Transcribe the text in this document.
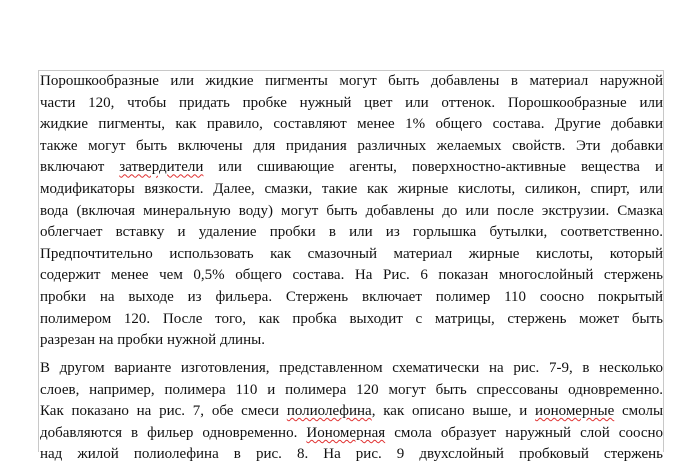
Порошкообразные или жидкие пигменты могут быть добавлены в материал наружной
части 120, чтобы придать пробке нужный цвет или оттенок. Порошкообразные или
жидкие пигменты, как правило, составляют менее 1% общего состава. Другие добавки
также могут быть включены для придания различных желаемых свойств. Эти добавки
включают затвердители или сшивающие агенты, поверхностно-активные вещества и
модификаторы вязкости. Далее, смазки, такие как жирные кислоты, силикон, спирт, или
вода (включая минеральную воду) могут быть добавлены до или после экструзии. Смазка
облегчает вставку и удаление пробки в или из горлышка бутылки, соответственно.
Предпочтительно использовать как смазочный материал жирные кислоты, который
содержит менее чем 0,5% общего состава. На Рис. 6 показан многослойный стержень
пробки на выходе из фильера. Стержень включает полимер 110 соосно покрытый
полимером 120. После того, как пробка выходит с матрицы, стержень может быть
разрезан на пробки нужной длины.
В другом варианте изготовления, представленном схематически на рис. 7-9, в несколько
слоев, например, полимера 110 и полимера 120 могут быть спрессованы одновременно.
Как показано на рис. 7, обе смеси полиолефина, как описано выше, и иономерные смолы
добавляются в фильер одновременно. Иономерная смола образует наружный слой соосно
над жилой полиолефина в рис. 8. На рис. 9 двухслойный пробковый стержень
